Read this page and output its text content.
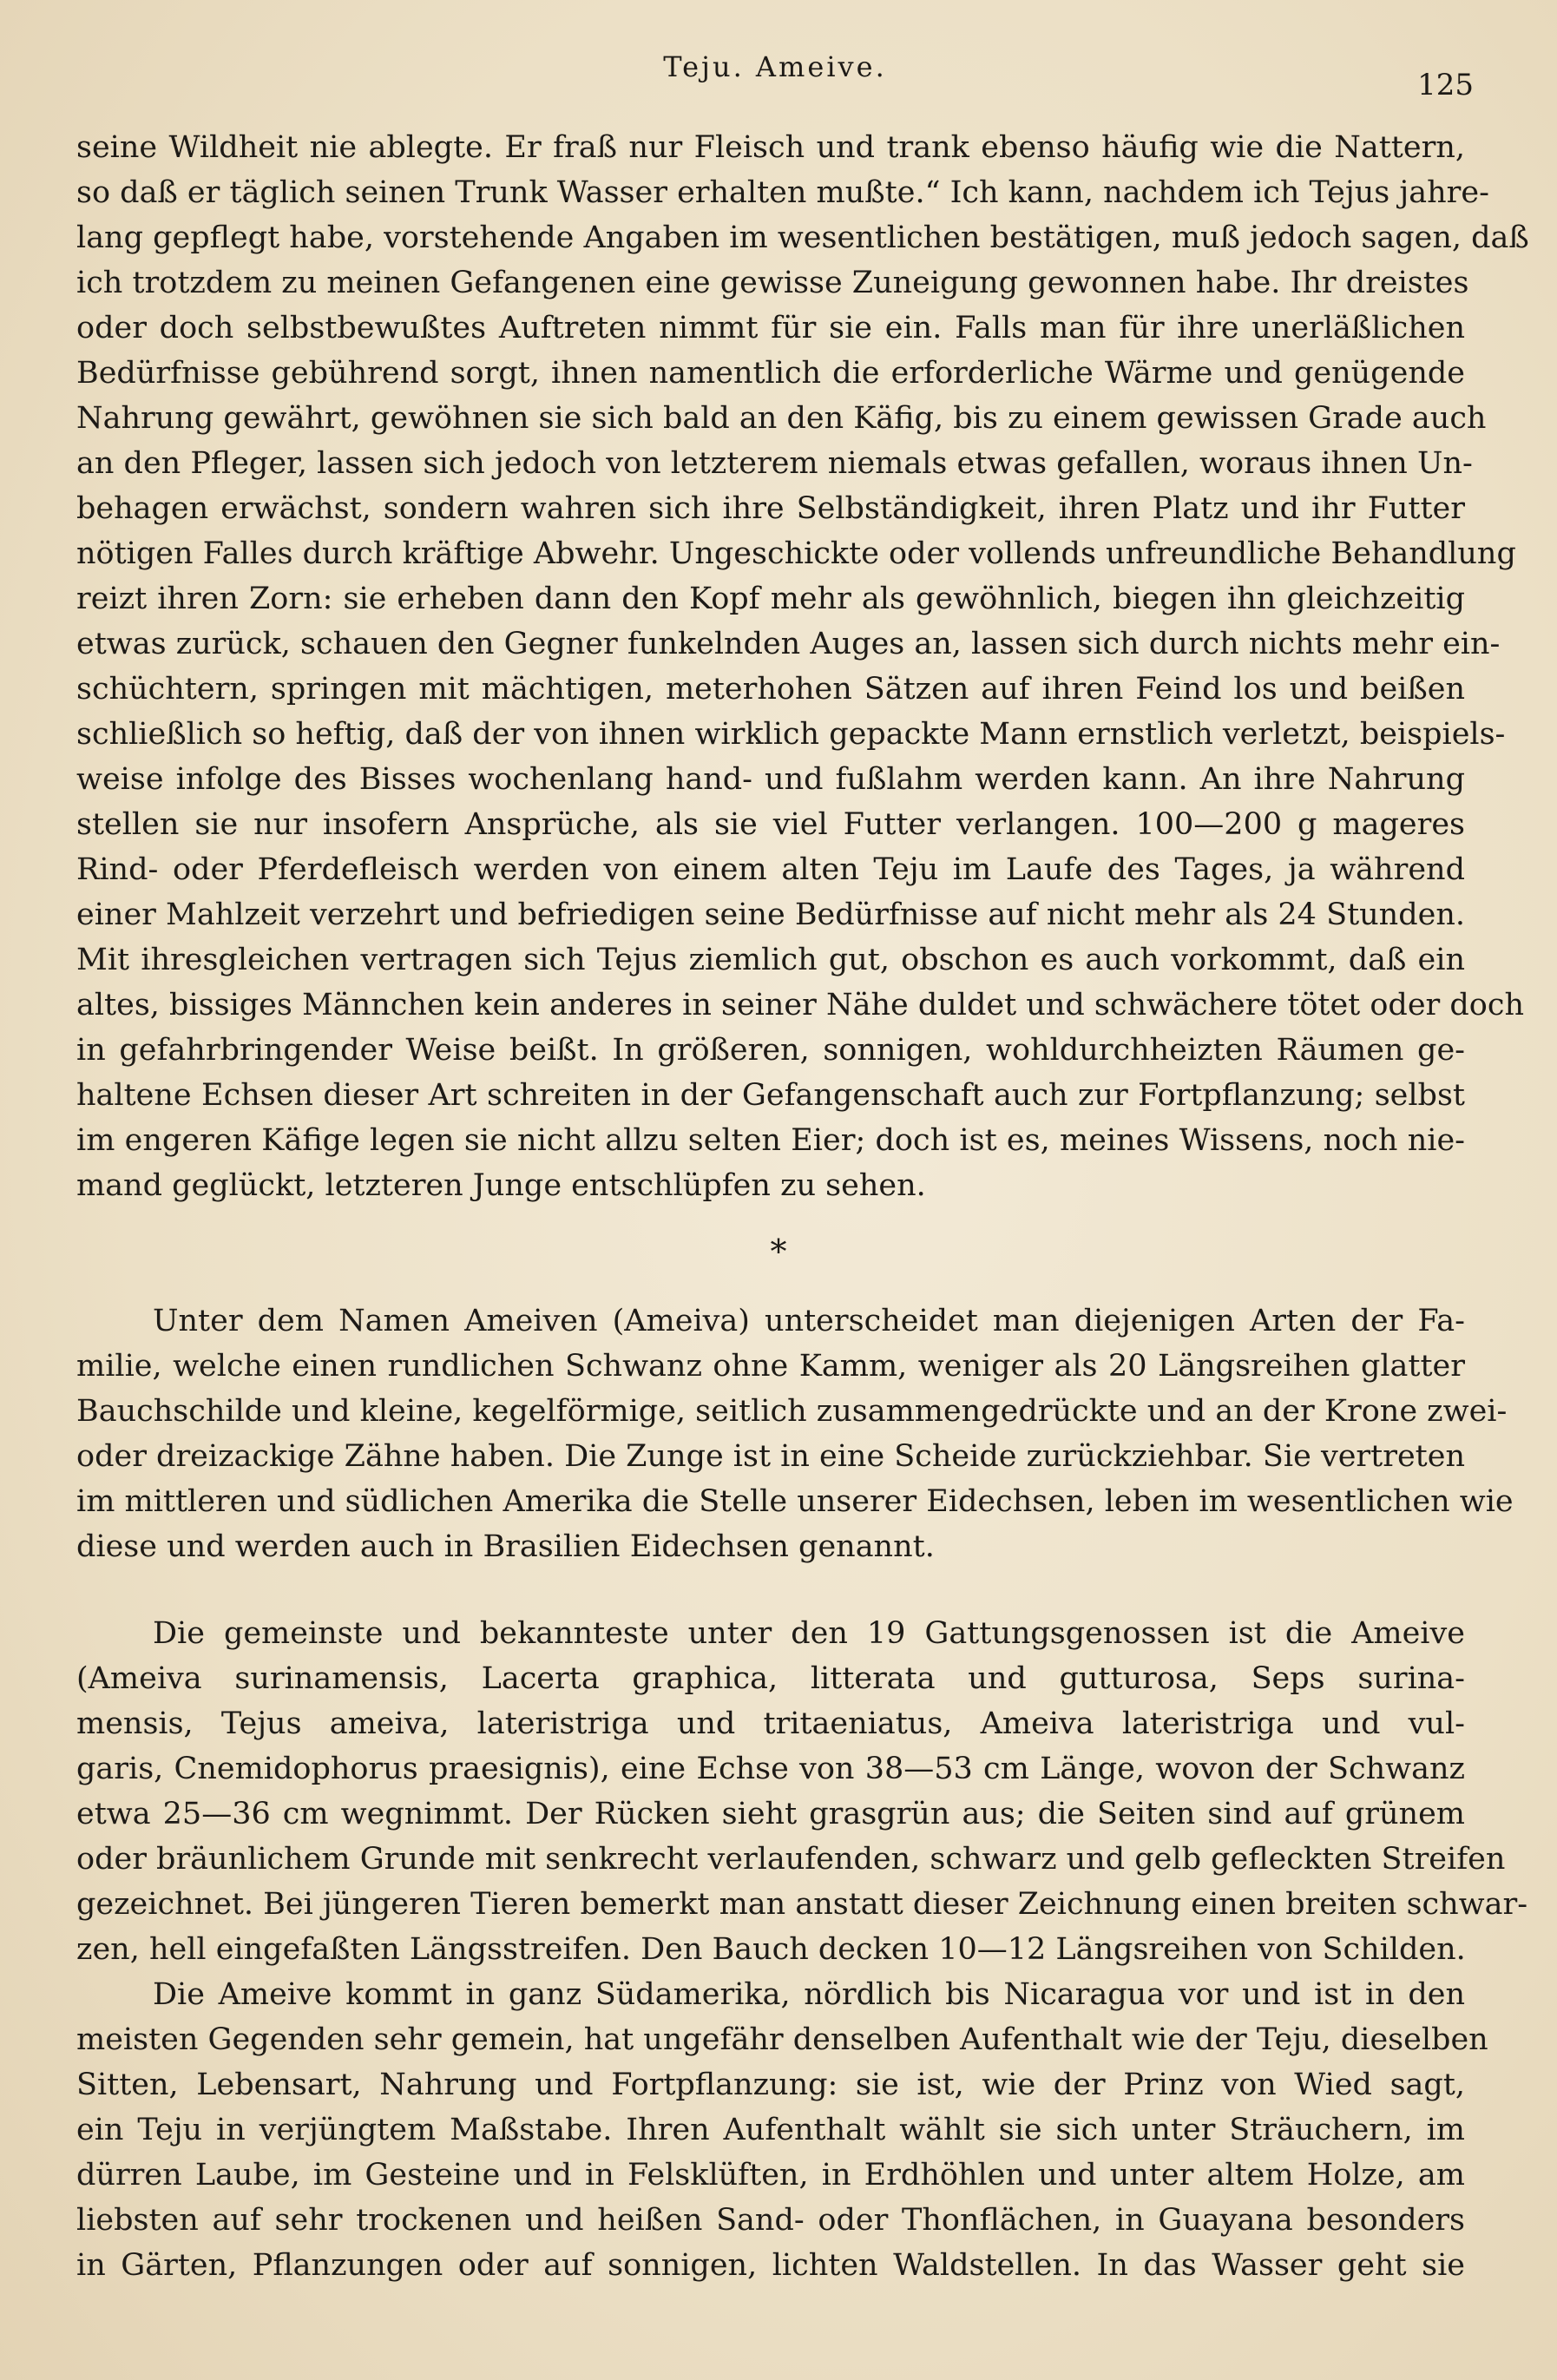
Teju. Ameive.
125
seine Wildheit nie ablegte. Er fraß nur Fleisch und trank ebenso häufig wie die Nattern,
so daß er täglich seinen Trunk Wasser erhalten mußte.“ Ich kann, nachdem ich Tejus jahre-
lang gepflegt habe, vorstehende Angaben im wesentlichen bestätigen, muß jedoch sagen, daß
ich trotzdem zu meinen Gefangenen eine gewisse Zuneigung gewonnen habe. Ihr dreistes
oder doch selbstbewußtes Auftreten nimmt für sie ein. Falls man für ihre unerläßlichen
Bedürfnisse gebührend sorgt, ihnen namentlich die erforderliche Wärme und genügende
Nahrung gewährt, gewöhnen sie sich bald an den Käfig, bis zu einem gewissen Grade auch
an den Pfleger, lassen sich jedoch von letzterem niemals etwas gefallen, woraus ihnen Un-
behagen erwächst, sondern wahren sich ihre Selbständigkeit, ihren Platz und ihr Futter
nötigen Falles durch kräftige Abwehr. Ungeschickte oder vollends unfreundliche Behandlung
reizt ihren Zorn: sie erheben dann den Kopf mehr als gewöhnlich, biegen ihn gleichzeitig
etwas zurück, schauen den Gegner funkelnden Auges an, lassen sich durch nichts mehr ein-
schüchtern, springen mit mächtigen, meterhohen Sätzen auf ihren Feind los und beißen
schließlich so heftig, daß der von ihnen wirklich gepackte Mann ernstlich verletzt, beispiels-
weise infolge des Bisses wochenlang hand- und fußlahm werden kann. An ihre Nahrung
stellen sie nur insofern Ansprüche, als sie viel Futter verlangen. 100—200 g mageres
Rind- oder Pferdefleisch werden von einem alten Teju im Laufe des Tages, ja während
einer Mahlzeit verzehrt und befriedigen seine Bedürfnisse auf nicht mehr als 24 Stunden.
Mit ihresgleichen vertragen sich Tejus ziemlich gut, obschon es auch vorkommt, daß ein
altes, bissiges Männchen kein anderes in seiner Nähe duldet und schwächere tötet oder doch
in gefahrbringender Weise beißt. In größeren, sonnigen, wohldurchheizten Räumen ge-
haltene Echsen dieser Art schreiten in der Gefangenschaft auch zur Fortpflanzung; selbst
im engeren Käfige legen sie nicht allzu selten Eier; doch ist es, meines Wissens, noch nie-
mand geglückt, letzteren Junge entschlüpfen zu sehen.
*
Unter dem Namen Ameiven (Ameiva) unterscheidet man diejenigen Arten der Fa-
milie, welche einen rundlichen Schwanz ohne Kamm, weniger als 20 Längsreihen glatter
Bauchschilde und kleine, kegelförmige, seitlich zusammengedrückte und an der Krone zwei-
oder dreizackige Zähne haben. Die Zunge ist in eine Scheide zurückziehbar. Sie vertreten
im mittleren und südlichen Amerika die Stelle unserer Eidechsen, leben im wesentlichen wie
diese und werden auch in Brasilien Eidechsen genannt.
Die gemeinste und bekannteste unter den 19 Gattungsgenossen ist die Ameive
(Ameiva surinamensis, Lacerta graphica, litterata und gutturosa, Seps surina-
mensis, Tejus ameiva, lateristriga und tritaeniatus, Ameiva lateristriga und vul-
garis, Cnemidophorus praesignis), eine Echse von 38—53 cm Länge, wovon der Schwanz
etwa 25—36 cm wegnimmt. Der Rücken sieht grasgrün aus; die Seiten sind auf grünem
oder bräunlichem Grunde mit senkrecht verlaufenden, schwarz und gelb gefleckten Streifen
gezeichnet. Bei jüngeren Tieren bemerkt man anstatt dieser Zeichnung einen breiten schwar-
zen, hell eingefaßten Längsstreifen. Den Bauch decken 10—12 Längsreihen von Schilden.
Die Ameive kommt in ganz Südamerika, nördlich bis Nicaragua vor und ist in den
meisten Gegenden sehr gemein, hat ungefähr denselben Aufenthalt wie der Teju, dieselben
Sitten, Lebensart, Nahrung und Fortpflanzung: sie ist, wie der Prinz von Wied sagt,
ein Teju in verjüngtem Maßstabe. Ihren Aufenthalt wählt sie sich unter Sträuchern, im
dürren Laube, im Gesteine und in Felsklüften, in Erdhöhlen und unter altem Holze, am
liebsten auf sehr trockenen und heißen Sand- oder Thonflächen, in Guayana besonders
in Gärten, Pflanzungen oder auf sonnigen, lichten Waldstellen. In das Wasser geht sie
